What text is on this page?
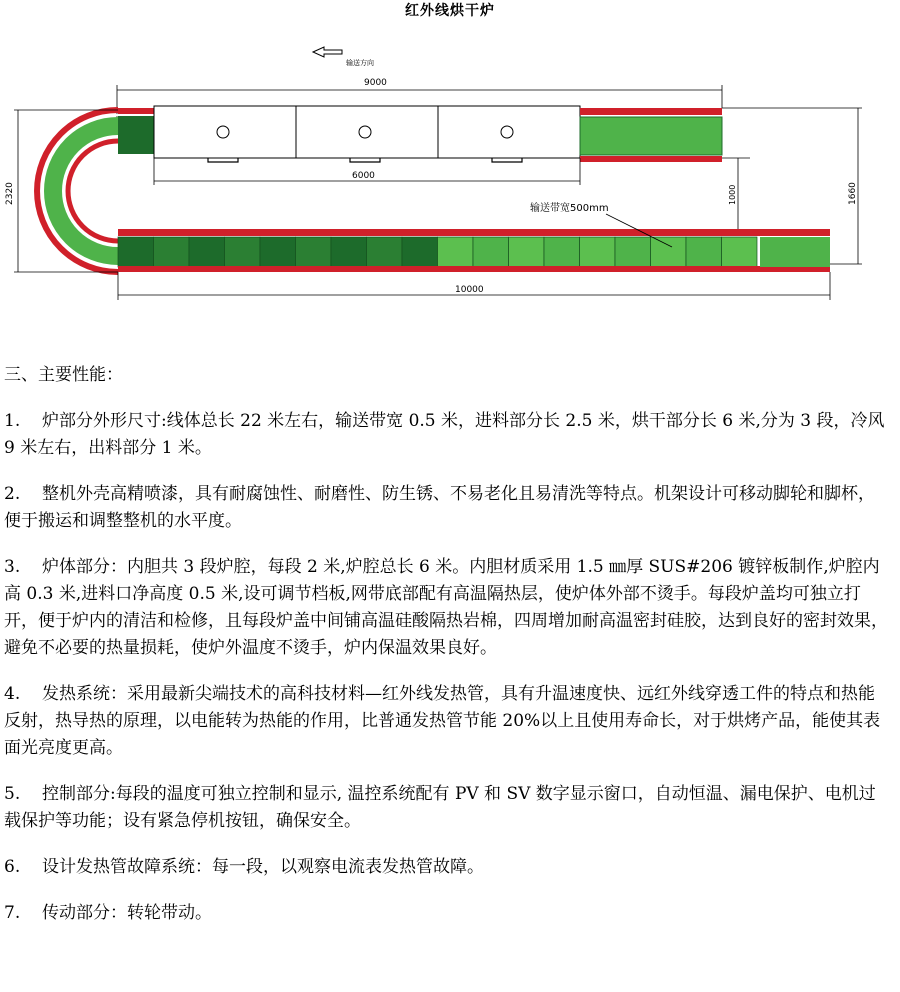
红外线烘干炉
输送方向
9000
6000
2320
输送带宽500mm
1000	1660
10000

三、主要性能：

1. 炉部分外形尺寸:线体总长 22 米左右，输送带宽 0.5 米，进料部分长 2.5 米，烘干部分长 6 米,分为 3 段，冷风 9 米左右，出料部分 1 米。

2. 整机外壳高精喷漆，具有耐腐蚀性、耐磨性、防生锈、不易老化且易清洗等特点。机架设计可移动脚轮和脚杯，便于搬运和调整整机的水平度。

3. 炉体部分：内胆共 3 段炉腔，每段 2 米,炉腔总长 6 米。内胆材质采用 1.5 ㎜厚 SUS#206 镀锌板制作,炉腔内高 0.3 米,进料口净高度 0.5 米,设可调节档板,网带底部配有高温隔热层，使炉体外部不烫手。每段炉盖均可独立打开，便于炉内的清洁和检修，且每段炉盖中间铺高温硅酸隔热岩棉，四周增加耐高温密封硅胶，达到良好的密封效果，避免不必要的热量损耗，使炉外温度不烫手，炉内保温效果良好。

4. 发热系统：采用最新尖端技术的高科技材料—红外线发热管，具有升温速度快、远红外线穿透工件的特点和热能反射，热导热的原理，以电能转为热能的作用，比普通发热管节能 20%以上且使用寿命长，对于烘烤产品，能使其表面光亮度更高。

5. 控制部分:每段的温度可独立控制和显示, 温控系统配有 PV 和 SV 数字显示窗口，自动恒温、漏电保护、电机过载保护等功能；设有紧急停机按钮，确保安全。

6. 设计发热管故障系统：每一段，以观察电流表发热管故障。

7. 传动部分：转轮带动。
